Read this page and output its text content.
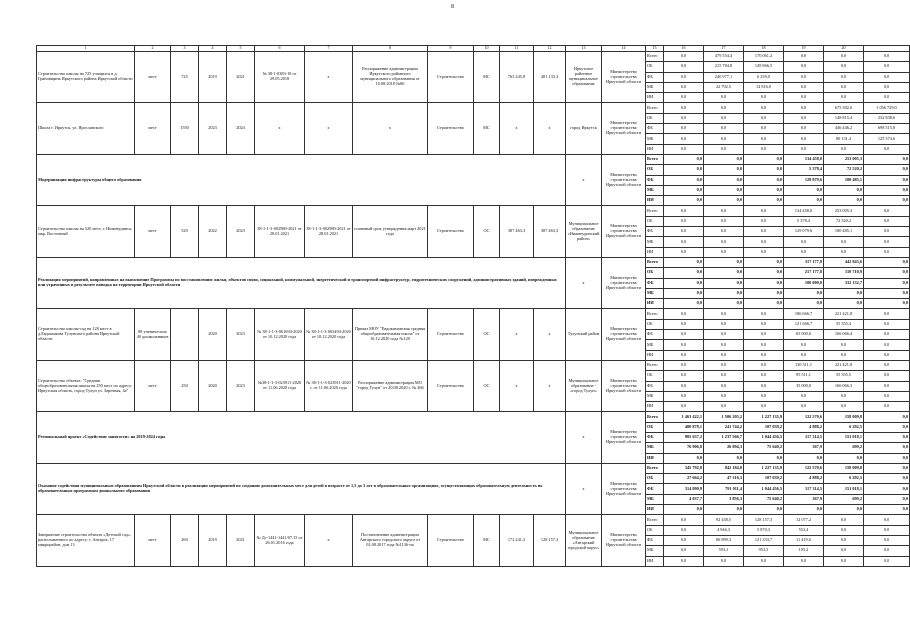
8
1	2	3	4	5	6	7	8	9	10	11	12	13	14	15	16	17	18	19	20	
Строительство школы на 725 учащихся в д. Грановщина Иркутского района Иркутской области	мест	725	2019	2021	№ 38-1-0383-18 от 29.05.2018	x	Распоряжение администрации Иркутского районного муниципального образования от 10.08.2018 №86	Строительство	МС	763 245,8	481 133,3	Иркутское районное муниципальное образование	Министерство строительства Иркутской области	Всего	0,0	479 554,4	170 061,2	0,0	0,0	0,0
														ОБ	0,0	215 784,8	149 866,5	0,0	0,0	0,0
														ФБ	0,0	240 977,1	6 239,0	0,0	0,0	0,0
														МБ	0,0	22 792,5	14 816,0	0,0	0,0	0,0
														ИИ	0,0	0,0	0,0	0,0	0,0	0,0
Школа г. Иркутск, ул. Ярославского	мест	1550	2023	2024	x	x	x	Строительство	МС	x	x	город Иркутск	Министерство строительства Иркутской области	Всего	0,0	0,0	0,0	0,0	675 392,0	1 056 729,0
														ОБ	0,0	0,0	0,0	0,0	148 815,4	232 838,6
														ФБ	0,0	0,0	0,0	0,0	446 446,2	698 515,8
														МБ	0,0	0,0	0,0	0,0	80 131,4	125 374,6
														ИИ	0,0	0,0	0,0	0,0	0,0	0,0
Модернизация инфраструктуры общего образования												x	Министерство строительства Иркутской области	Всего	0,0	0,0	0,0	134 458,0	253 005,3	0,0
														ОБ	0,0	0,0	0,0	5 378,4	72 520,2	0,0
														ФБ	0,0	0,0	0,0	129 079,6	180 485,1	0,0
														МБ	0,0	0,0	0,0	0,0	0,0	0,0
														ИИ	0,0	0,0	0,0	0,0	0,0	0,0
Строительство школы на 520 мест, г. Нижнеудинск, мкр. Восточный	мест	520	2022	2023	38-1-1-3-002980-2021 от 28.01.2021	38-1-1-3-002980-2021 от 28.01.2021	плановый срок утверждения март 2021 года	Строительство	ОС	387 463,3	387 463,3	Муниципальное образование «Нижнеудинский район»	Министерство строительства Иркутской области	Всего	0,0	0,0	0,0	134 458,0	253 005,3	0,0
														ОБ	0,0	0,0	0,0	5 378,4	72 520,2	0,0
														ФБ	0,0	0,0	0,0	129 079,6	180 485,1	0,0
														МБ	0,0	0,0	0,0	0,0	0,0	0,0
														ИИ	0,0	0,0	0,0	0,0	0,0	0,0
Реализация мероприятий, направленных на выполнение Программы по восстановлению жилья, объектов связи, социальной, коммунальной, энергетической и транспортной инфраструктур, гидротехнических сооружений, административных зданий, поврежденных или утраченных в результате паводка на территории Иркутской области												x	Министерство строительства Иркутской области	Всего	0,0	0,0	0,0	317 177,8	442 843,6	0,0
														ОБ	0,0	0,0	0,0	217 177,8	110 710,9	0,0
														ФБ	0,0	0,0	0,0	100 000,0	332 132,7	0,0
														МБ	0,0	0,0	0,0	0,0	0,0	0,0
														ИИ	0,0	0,0	0,0	0,0	0,0	0,0
Строительство школы-сад на 128 мест в д.Евдокимова Тулунского района Иркутской области	88 ученических 40 дошкольников		2020	2023	№ 38-1-1-3-061694-2020 от 10.12.2020 года	№ 38-1-1-3-063494-2020 от 10.12.2020 года	Приказ МОУ "Евдокимовская средняя общеобразовательная школа" от 16.12.2020 года №120	Строительство	ОС	x	x	Тулунский район	Министерство строительства Иркутской области	Всего	0,0	0,0	0,0	186 666,7	221 421,8	0,0
														ОБ	0,0	0,0	0,0	121 666,7	55 355,4	0,0
														ФБ	0,0	0,0	0,0	65 000,0	166 066,4	0,0
														МБ	0,0	0,0	0,0	0,0	0,0	0,0
														ИИ	0,0	0,0	0,0	0,0	0,0	0,0
Строительство объекта: "Средняя общеобразовательная школа на 250 мест по адресу: Иркутская область, город Тулун ул. Заречная, 4а"	мест	250	2020	2023	№38-1-1-3-023911-2020 от 11.06.2020 года	№ 38-1-1-3-023911-2020 г. от 11.06.2020 года	Распоряжение администрации МО "город Тулун" от 20.08.2020 г. № 266	Строительство	ОС	x	x	Муниципальное образование - «город Тулун»	Министерство строительства Иркутской области	Всего	0,0	0,0	0,0	130 511,1	221 421,8	0,0
														ОБ	0,0	0,0	0,0	95 511,1	55 355,5	0,0
														ФБ	0,0	0,0	0,0	35 000,0	166 066,3	0,0
														МБ	0,0	0,0	0,0	0,0	0,0	0,0
														ИИ	0,0	0,0	0,0	0,0	0,0	0,0
Региональный проект «Содействие занятости» на 2019-2024 годы												x	Министерство строительства Иркутской области	Всего	1 463 422,1	1 506 205,2	1 227 135,9	122 570,6	158 009,8	0,0
														ОБ	400 878,1	241 744,2	107 039,2	4 888,2	6 292,5	0,0
														ФБ	985 637,2	1 237 566,7	1 044 456,5	117 314,5	151 018,1	0,0
														МБ	76 906,8	26 894,3	75 640,2	367,9	699,2	0,0
														ИИ	0,0	0,0	0,0	0,0	0,0	0,0
Оказание содействия муниципальным образованиям Иркутской области в реализации мероприятий по созданию дополнительных мест для детей в возрасте от 1,5 до 3 лет в образовательных организациях, осуществляющих образовательную деятельность по образовательным программам дошкольного образования												x	Министерство строительства Иркутской области	Всего	345 792,8	842 184,0	1 227 135,9	122 570,6	158 009,8	0,0
														ОБ	27 664,2	47 316,3	107 039,2	4 888,2	6 292,5	0,0
														ФБ	314 090,9	791 011,4	1 044 456,5	117 314,5	151 018,1	0,0
														МБ	4 037,7	3 856,3	75 640,2	367,9	699,2	0,0
														ИИ	0,0	0,0	0,0	0,0	0,0	0,0
Завершение строительства объекта «Детский сад», расположенного по адресу: г. Ангарск, 17 микрорайон, дом 13	мест	260	2019	2021	№ Дс-1441-1441/07.15 от 26.01.2016 года	x	Постановление администрации Ангарского городского округа от 02.08.2017 года №1136-па	Строительство	МС	172 241,3	128 157,3	Муниципальное образование «Ангарский городской округ»	Министерство строительства Иркутской области	Всего	0,0	92 438,5	128 157,3	12 077,2	0,0	0,0
														ОБ	0,0	4 946,3	5 870,3	552,4	0,0	0,0
														ФБ	0,0	86 899,3	121 333,7	11 419,6	0,0	0,0
														МБ	0,0	593,1	953,3	105,2	0,0	0,0
														ИИ	0,0	0,0	0,0	0,0	0,0	0,0
